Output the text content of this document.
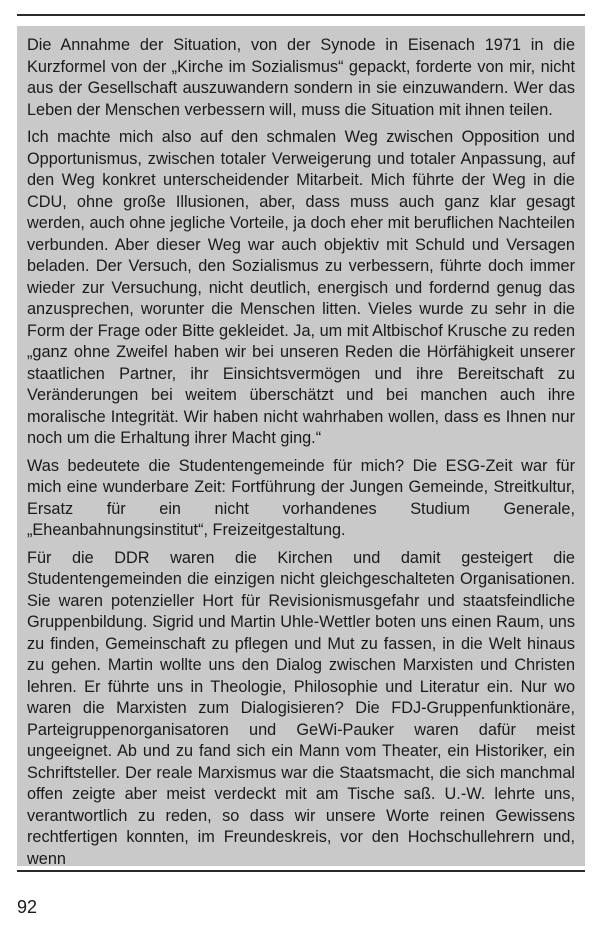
Die Annahme der Situation, von der Synode in Eisenach 1971 in die Kurzformel von der „Kirche im Sozialismus“ gepackt, forderte von mir, nicht aus der Gesellschaft auszuwandern sondern in sie einzuwandern. Wer das Leben der Menschen verbessern will, muss die Situation mit ihnen teilen.

Ich machte mich also auf den schmalen Weg zwischen Opposition und Opportunismus, zwischen totaler Verweigerung und totaler Anpassung, auf den Weg konkret unterscheidender Mitarbeit. Mich führte der Weg in die CDU, ohne große Illusionen, aber, dass muss auch ganz klar gesagt werden, auch ohne jegliche Vorteile, ja doch eher mit beruflichen Nachteilen verbunden. Aber dieser Weg war auch objektiv mit Schuld und Versagen beladen. Der Versuch, den Sozialismus zu verbessern, führte doch immer wieder zur Versuchung, nicht deutlich, energisch und fordernd genug das anzusprechen, worunter die Menschen litten. Vieles wurde zu sehr in die Form der Frage oder Bitte gekleidet. Ja, um mit Altbischof Krusche zu reden „ganz ohne Zweifel haben wir bei unseren Reden die Hörfähigkeit unserer staatlichen Partner, ihr Einsichtsvermögen und ihre Bereitschaft zu Veränderungen bei weitem überschätzt und bei manchen auch ihre moralische Integrität. Wir haben nicht wahrhaben wollen, dass es Ihnen nur noch um die Erhaltung ihrer Macht ging.“

Was bedeutete die Studentengemeinde für mich? Die ESG-Zeit war für mich eine wunderbare Zeit: Fortführung der Jungen Gemeinde, Streitkultur, Ersatz für ein nicht vorhandenes Studium Generale, „Eheanbahnungsinstitut“, Freizeitgestaltung.

Für die DDR waren die Kirchen und damit gesteigert die Studentengemeinden die einzigen nicht gleichgeschalteten Organisationen. Sie waren potenzieller Hort für Revisionismusgefahr und staatsfeindliche Gruppenbildung. Sigrid und Martin Uhle-Wettler boten uns einen Raum, uns zu finden, Gemeinschaft zu pflegen und Mut zu fassen, in die Welt hinaus zu gehen. Martin wollte uns den Dialog zwischen Marxisten und Christen lehren. Er führte uns in Theologie, Philosophie und Literatur ein. Nur wo waren die Marxisten zum Dialogisieren? Die FDJ-Gruppenfunktionäre, Parteigruppenorganisatoren und GeWi-Pauker waren dafür meist ungeeignet. Ab und zu fand sich ein Mann vom Theater, ein Historiker, ein Schriftsteller. Der reale Marxismus war die Staatsmacht, die sich manchmal offen zeigte aber meist verdeckt mit am Tische saß. U.-W. lehrte uns, verantwortlich zu reden, so dass wir unsere Worte reinen Gewissens rechtfertigen konnten, im Freundeskreis, vor den Hochschullehrern und, wenn

92
